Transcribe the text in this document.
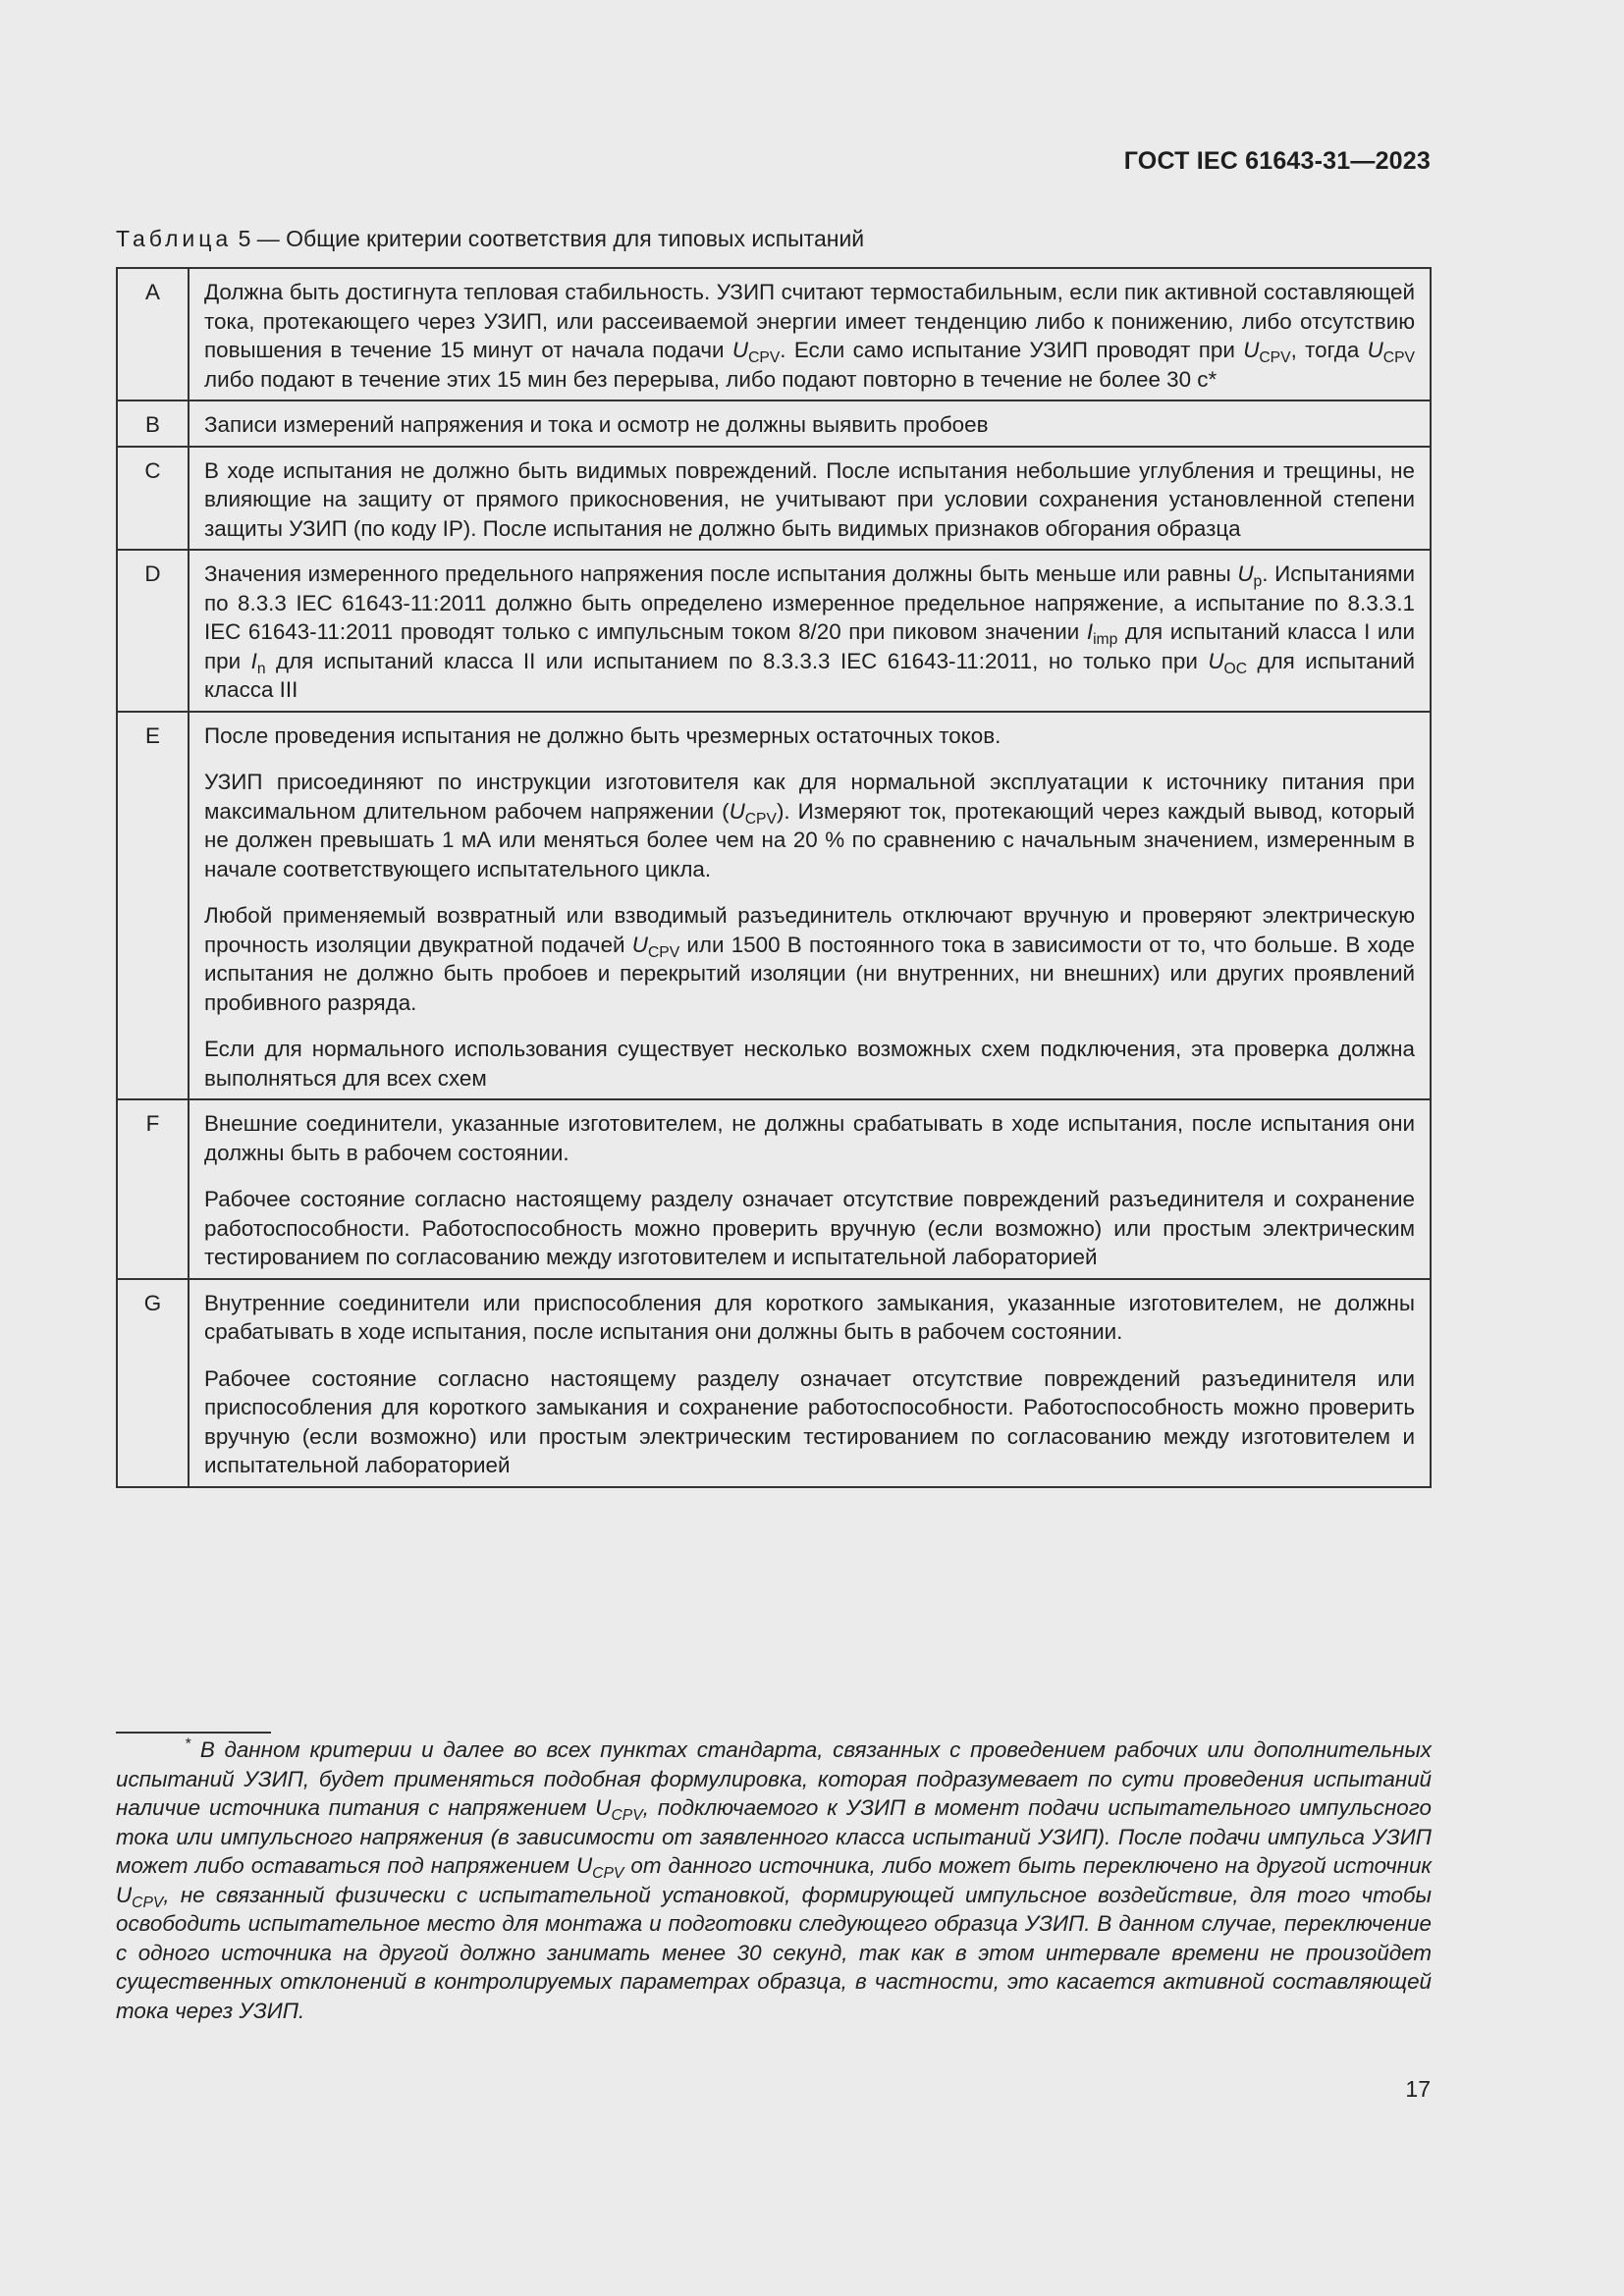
ГОСТ IEC 61643-31—2023
Таблица 5 — Общие критерии соответствия для типовых испытаний
A	Должна быть достигнута тепловая стабильность. УЗИП считают термостабильным, если пик активной составляющей тока, протекающего через УЗИП, или рассеиваемой энергии имеет тенденцию либо к понижению, либо отсутствию повышения в течение 15 минут от начала подачи $U_{CPV}$. Если само испытание УЗИП проводят при $U_{CPV}$, тогда $U_{CPV}$ либо подают в течение этих 15 мин без перерыва, либо подают повторно в течение не более 30 с*

B	Записи измерений напряжения и тока и осмотр не должны выявить пробоев

C	В ходе испытания не должно быть видимых повреждений. После испытания небольшие углубления и трещины, не влияющие на защиту от прямого прикосновения, не учитывают при условии сохранения установленной степени защиты УЗИП (по коду IP). После испытания не должно быть видимых признаков обгорания образца

D	Значения измеренного предельного напряжения после испытания должны быть меньше или равны $U_p$. Испытаниями по 8.3.3 IEC 61643-11:2011 должно быть определено измеренное предельное напряжение, а испытание по 8.3.3.1 IEC 61643-11:2011 проводят только с импульсным током 8/20 при пиковом значении $I_{imp}$ для испытаний класса I или при $I_n$ для испытаний класса II или испытанием по 8.3.3.3 IEC 61643-11:2011, но только при $U_{OC}$ для испытаний класса III

E	После проведения испытания не должно быть чрезмерных остаточных токов.

УЗИП присоединяют по инструкции изготовителя как для нормальной эксплуатации к источнику питания при максимальном длительном рабочем напряжении $(U_{CPV})$. Измеряют ток, протекающий через каждый вывод, который не должен превышать 1 мА или меняться более чем на 20 % по сравнению с начальным значением, измеренным в начале соответствующего испытательного цикла.

Любой применяемый возвратный или взводимый разъединитель отключают вручную и проверяют электрическую прочность изоляции двукратной подачей $U_{CPV}$ или 1500 В постоянного тока в зависимости от то, что больше. В ходе испытания не должно быть пробоев и перекрытий изоляции (ни внутренних, ни внешних) или других проявлений пробивного разряда.

Если для нормального использования существует несколько возможных схем подключения, эта проверка должна выполняться для всех схем

F	Внешние соединители, указанные изготовителем, не должны срабатывать в ходе испытания, после испытания они должны быть в рабочем состоянии.

Рабочее состояние согласно настоящему разделу означает отсутствие повреждений разъединителя и сохранение работоспособности. Работоспособность можно проверить вручную (если возможно) или простым электрическим тестированием по согласованию между изготовителем и испытательной лабораторией

G	Внутренние соединители или приспособления для короткого замыкания, указанные изготовителем, не должны срабатывать в ходе испытания, после испытания они должны быть в рабочем состоянии.

Рабочее состояние согласно настоящему разделу означает отсутствие повреждений разъединителя или приспособления для короткого замыкания и сохранение работоспособности. Работоспособность можно проверить вручную (если возможно) или простым электрическим тестированием по согласованию между изготовителем и испытательной лабораторией

* В данном критерии и далее во всех пунктах стандарта, связанных с проведением рабочих или дополнительных испытаний УЗИП, будет применяться подобная формулировка, которая подразумевает по сути проведения испытаний наличие источника питания с напряжением $U_{CPV}$, подключаемого к УЗИП в момент подачи испытательного импульсного тока или импульсного напряжения (в зависимости от заявленного класса испытаний УЗИП). После подачи импульса УЗИП может либо оставаться под напряжением $U_{CPV}$ от данного источника, либо может быть переключено на другой источник $U_{CPV}$, не связанный физически с испытательной установкой, формирующей импульсное воздействие, для того чтобы освободить испытательное место для монтажа и подготовки следующего образца УЗИП. В данном случае, переключение с одного источника на другой должно занимать менее 30 секунд, так как в этом интервале времени не произойдет существенных отклонений в контролируемых параметрах образца, в частности, это касается активной составляющей тока через УЗИП.
17
